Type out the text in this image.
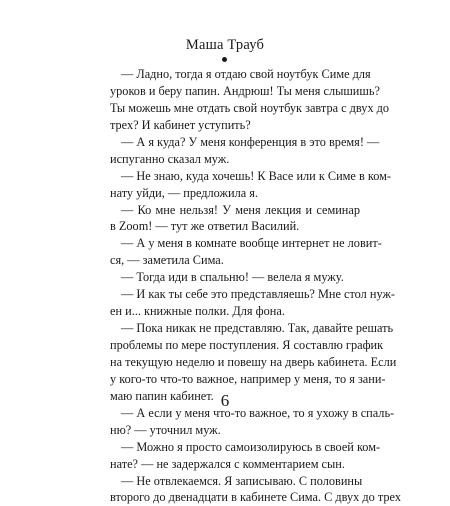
Маша Трауб
— Ладно, тогда я отдаю свой ноутбук Симе для
уроков и беру папин. Андрюш! Ты меня слышишь?
Ты можешь мне отдать свой ноутбук завтра с двух до
трех? И кабинет уступить?
— А я куда? У меня конференция в это время! —
испуганно сказал муж.
— Не знаю, куда хочешь! К Васе или к Симе в ком-
нату уйди, — предложила я.
— Ко мне нельзя! У меня лекция и семинар
в Zoom! — тут же ответил Василий.
— А у меня в комнате вообще интернет не ловит-
ся, — заметила Сима.
— Тогда иди в спальню! — велела я мужу.
— И как ты себе это представляешь? Мне стол нуж-
ен и... книжные полки. Для фона.
— Пока никак не представляю. Так, давайте решать
проблемы по мере поступления. Я составлю график
на текущую неделю и повешу на дверь кабинета. Если
у кого-то что-то важное, например у меня, то я зани-
маю папин кабинет.
— А если у меня что-то важное, то я ухожу в спаль-
ню? — уточнил муж.
— Можно я просто самоизолируюсь в своей ком-
нате? — не задержался с комментарием сын.
— Не отвлекаемся. Я записываю. С половины
второго до двенадцати в кабинете Сима. С двух до трех
6
